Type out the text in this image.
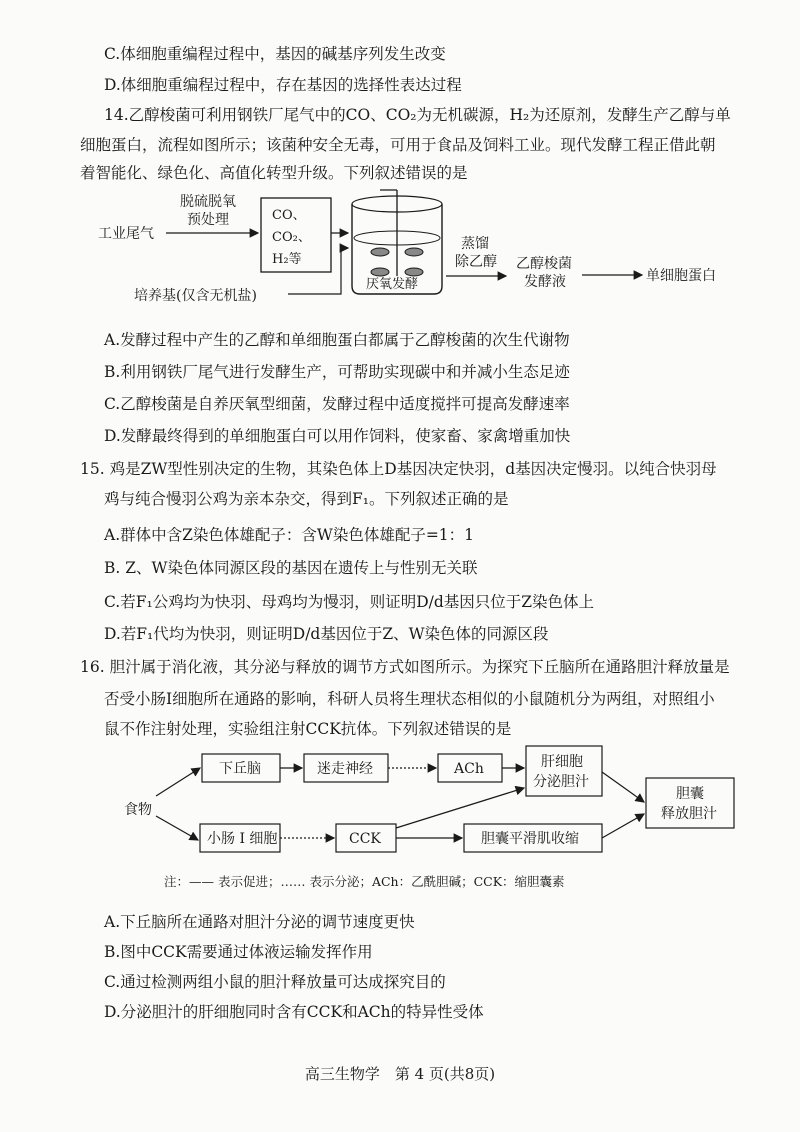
C.体细胞重编程过程中，基因的碱基序列发生改变
D.体细胞重编程过程中，存在基因的选择性表达过程
14.乙醇梭菌可利用钢铁厂尾气中的CO、CO₂为无机碳源，H₂为还原剂，发酵生产乙醇与单
细胞蛋白，流程如图所示；该菌种安全无毒，可用于食品及饲料工业。现代发酵工程正借此朝
着智能化、绿色化、高值化转型升级。下列叙述错误的是
工业尾气
脱硫脱氧
预处理	CO、
CO₂、
H₂等
培养基(仅含无机盐)
厌氧发酵
蒸馏
除乙醇 乙醇梭菌
发酵液	单细胞蛋白
A.发酵过程中产生的乙醇和单细胞蛋白都属于乙醇梭菌的次生代谢物
B.利用钢铁厂尾气进行发酵生产，可帮助实现碳中和并减小生态足迹
C.乙醇梭菌是自养厌氧型细菌，发酵过程中适度搅拌可提高发酵速率
D.发酵最终得到的单细胞蛋白可以用作饲料，使家畜、家禽增重加快
15. 鸡是ZW型性别决定的生物，其染色体上D基因决定快羽，d基因决定慢羽。以纯合快羽母
鸡与纯合慢羽公鸡为亲本杂交，得到F₁。下列叙述正确的是
A.群体中含Z染色体雄配子：含W染色体雄配子=1：1
B. Z、W染色体同源区段的基因在遗传上与性别无关联
C.若F₁公鸡均为快羽、母鸡均为慢羽，则证明D/d基因只位于Z染色体上
D.若F₁代均为快羽，则证明D/d基因位于Z、W染色体的同源区段
16. 胆汁属于消化液，其分泌与释放的调节方式如图所示。为探究下丘脑所在通路胆汁释放量是
否受小肠I细胞所在通路的影响，科研人员将生理状态相似的小鼠随机分为两组，对照组小
鼠不作注射处理，实验组注射CCK抗体。下列叙述错误的是
食物
下丘脑	迷走神经	ACh	肝细胞
分泌胆汁
胆囊
释放胆汁
小肠 I 细胞	CCK	胆囊平滑肌收缩
注：—— 表示促进；…… 表示分泌；ACh：乙酰胆碱；CCK：缩胆囊素
A.下丘脑所在通路对胆汁分泌的调节速度更快
B.图中CCK需要通过体液运输发挥作用
C.通过检测两组小鼠的胆汁释放量可达成探究目的
D.分泌胆汁的肝细胞同时含有CCK和ACh的特异性受体
高三生物学　第 4 页(共8页)
